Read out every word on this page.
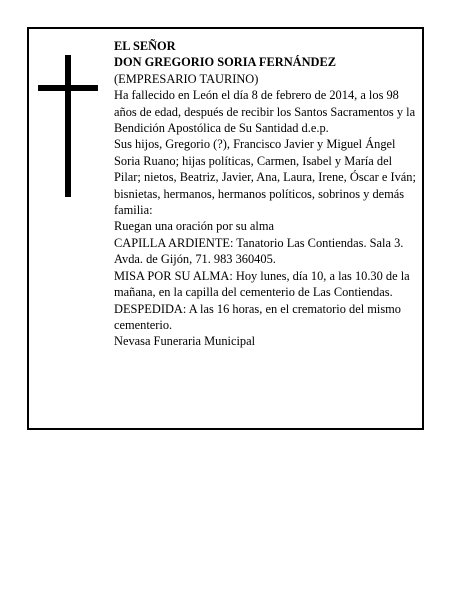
EL SEÑOR

DON GREGORIO SORIA FERNÁNDEZ

(EMPRESARIO TAURINO)

Ha fallecido en León el día 8 de febrero de 2014, a los 98 años de edad, después de recibir los Santos Sacramentos y la Bendición Apostólica de Su Santidad d.e.p.

Sus hijos, Gregorio (?), Francisco Javier y Miguel Ángel Soria Ruano; hijas políticas, Carmen, Isabel y María del Pilar; nietos, Beatriz, Javier, Ana, Laura, Irene, Óscar e Iván; bisnietas, hermanos, hermanos políticos, sobrinos y demás familia:

Ruegan una oración por su alma

CAPILLA ARDIENTE: Tanatorio Las Contiendas. Sala 3. Avda. de Gijón, 71. 983 360405.

MISA POR SU ALMA: Hoy lunes, día 10, a las 10.30 de la mañana, en la capilla del cementerio de Las Contiendas. DESPEDIDA: A las 16 horas, en el crematorio del mismo cementerio.

Nevasa Funeraria Municipal
